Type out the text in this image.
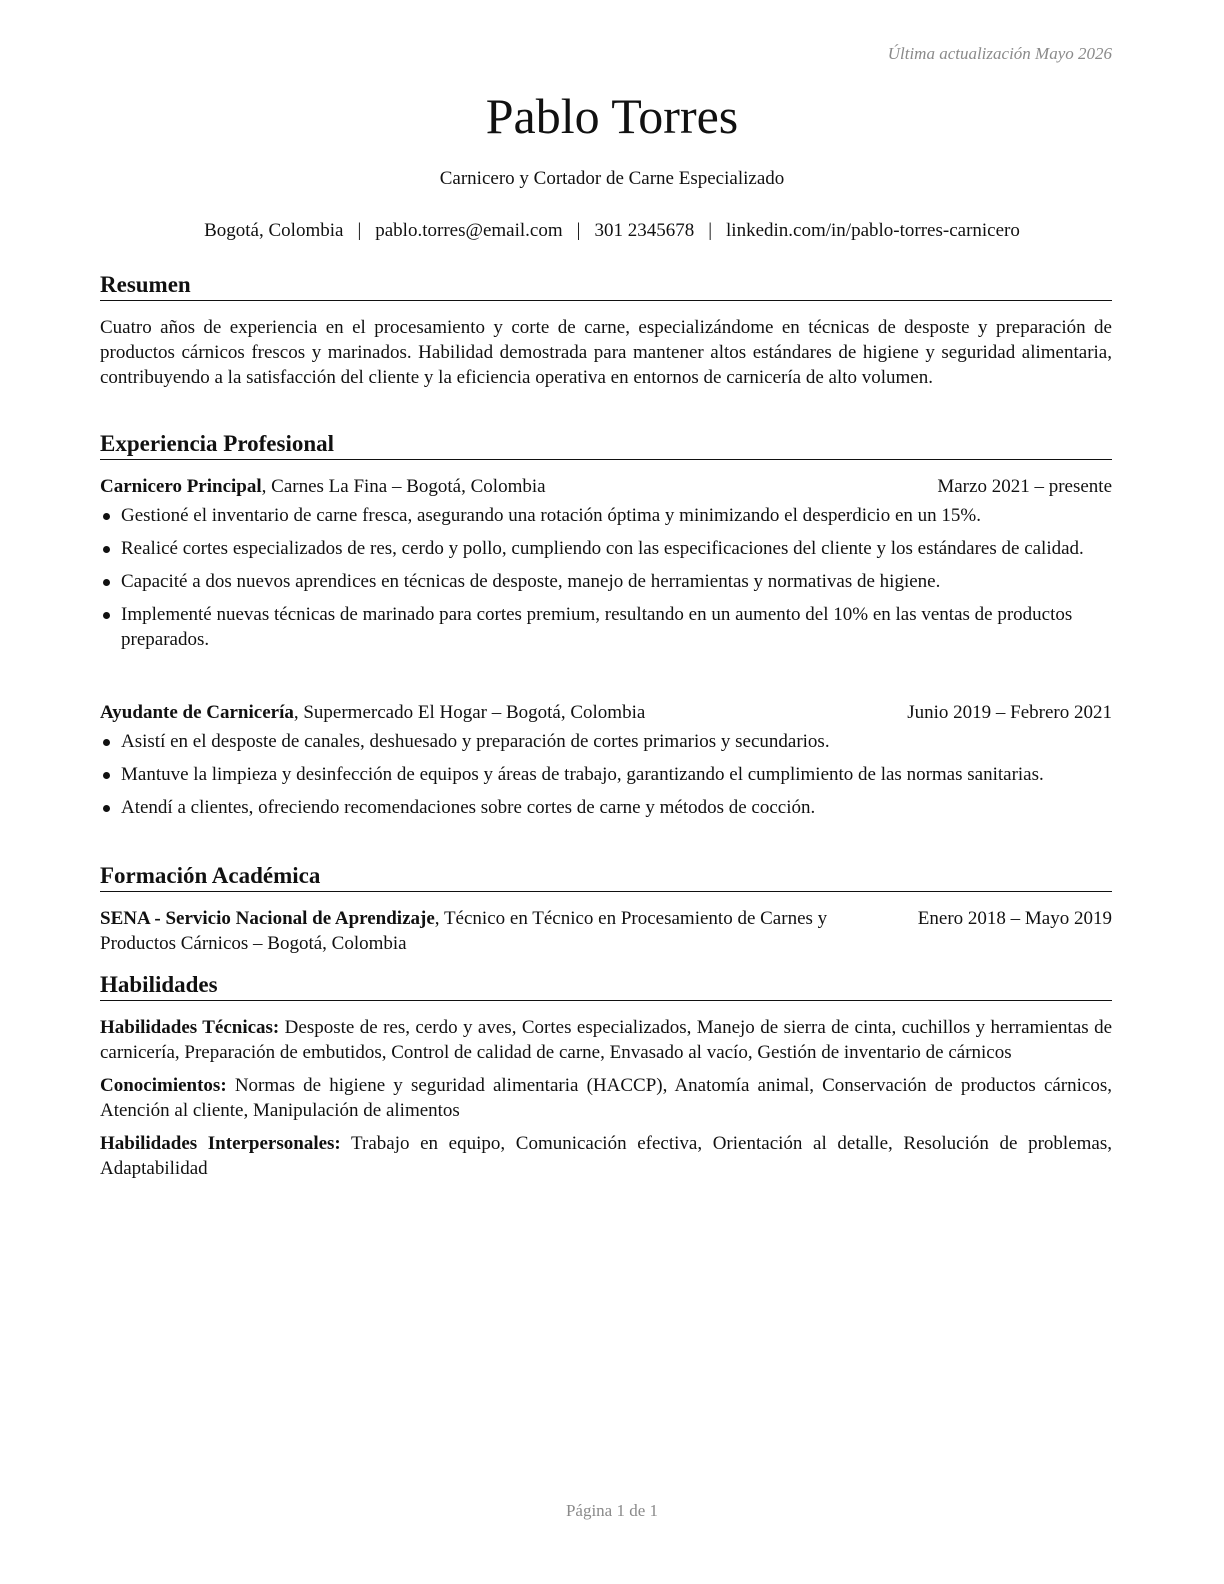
Última actualización Mayo 2026
Pablo Torres
Carnicero y Cortador de Carne Especializado
Bogotá, Colombia | pablo.torres@email.com | 301 2345678 | linkedin.com/in/pablo-torres-carnicero
Resumen
Cuatro años de experiencia en el procesamiento y corte de carne, especializándome en técnicas de desposte y preparación de productos cárnicos frescos y marinados. Habilidad demostrada para mantener altos estándares de higiene y seguridad alimentaria, contribuyendo a la satisfacción del cliente y la eficiencia operativa en entornos de carnicería de alto volumen.
Experiencia Profesional
Carnicero Principal, Carnes La Fina – Bogotá, Colombia	Marzo 2021 – presente
Gestioné el inventario de carne fresca, asegurando una rotación óptima y minimizando el desperdicio en un 15%.
Realicé cortes especializados de res, cerdo y pollo, cumpliendo con las especificaciones del cliente y los estándares de calidad.
Capacité a dos nuevos aprendices en técnicas de desposte, manejo de herramientas y normativas de higiene.
Implementé nuevas técnicas de marinado para cortes premium, resultando en un aumento del 10% en las ventas de productos preparados.
Ayudante de Carnicería, Supermercado El Hogar – Bogotá, Colombia	Junio 2019 – Febrero 2021
Asistí en el desposte de canales, deshuesado y preparación de cortes primarios y secundarios.
Mantuve la limpieza y desinfección de equipos y áreas de trabajo, garantizando el cumplimiento de las normas sanitarias.
Atendí a clientes, ofreciendo recomendaciones sobre cortes de carne y métodos de cocción.
Formación Académica
SENA - Servicio Nacional de Aprendizaje, Técnico en Técnico en Procesamiento de Carnes y Productos Cárnicos – Bogotá, Colombia
Enero 2018 – Mayo 2019
Habilidades
Habilidades Técnicas: Desposte de res, cerdo y aves, Cortes especializados, Manejo de sierra de cinta, cuchillos y herramientas de carnicería, Preparación de embutidos, Control de calidad de carne, Envasado al vacío, Gestión de inventario de cárnicos
Conocimientos: Normas de higiene y seguridad alimentaria (HACCP), Anatomía animal, Conservación de productos cárnicos, Atención al cliente, Manipulación de alimentos
Habilidades Interpersonales: Trabajo en equipo, Comunicación efectiva, Orientación al detalle, Resolución de problemas, Adaptabilidad
Página 1 de 1
